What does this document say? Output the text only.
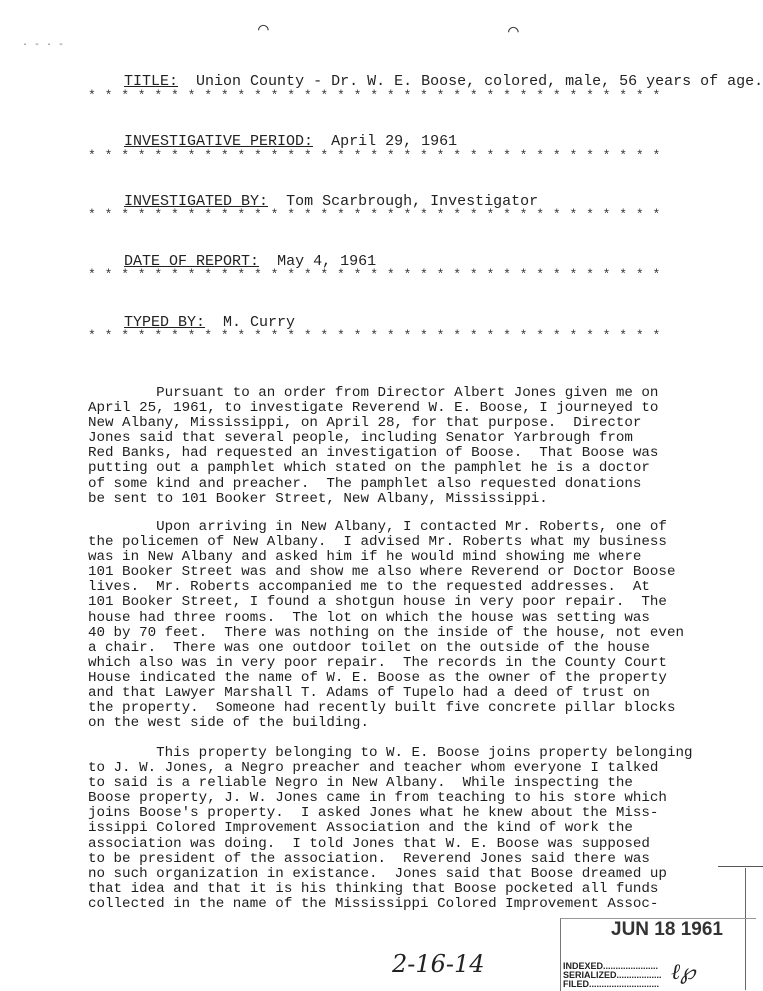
· - · -
⌒	⌒

TITLE: Union County - Dr. W. E. Boose, colored, male, 56 years of age.

* * * * * * * * * * * * * * * * * * * * * * * * * * * * * * * * * * *

INVESTIGATIVE PERIOD: April 29, 1961

* * * * * * * * * * * * * * * * * * * * * * * * * * * * * * * * * * *

INVESTIGATED BY: Tom Scarbrough, Investigator

* * * * * * * * * * * * * * * * * * * * * * * * * * * * * * * * * * *

DATE OF REPORT: May 4, 1961

* * * * * * * * * * * * * * * * * * * * * * * * * * * * * * * * * * *

TYPED BY: M. Curry

* * * * * * * * * * * * * * * * * * * * * * * * * * * * * * * * * * *
Pursuant to an order from Director Albert Jones given me on
April 25, 1961, to investigate Reverend W. E. Boose, I journeyed to
New Albany, Mississippi, on April 28, for that purpose.  Director
Jones said that several people, including Senator Yarbrough from
Red Banks, had requested an investigation of Boose.  That Boose was
putting out a pamphlet which stated on the pamphlet he is a doctor
of some kind and preacher.  The pamphlet also requested donations
be sent to 101 Booker Street, New Albany, Mississippi.
Upon arriving in New Albany, I contacted Mr. Roberts, one of
the policemen of New Albany.  I advised Mr. Roberts what my business
was in New Albany and asked him if he would mind showing me where
101 Booker Street was and show me also where Reverend or Doctor Boose
lives.  Mr. Roberts accompanied me to the requested addresses.  At
101 Booker Street, I found a shotgun house in very poor repair.  The
house had three rooms.  The lot on which the house was setting was
40 by 70 feet.  There was nothing on the inside of the house, not even
a chair.  There was one outdoor toilet on the outside of the house
which also was in very poor repair.  The records in the County Court
House indicated the name of W. E. Boose as the owner of the property
and that Lawyer Marshall T. Adams of Tupelo had a deed of trust on
the property.  Someone had recently built five concrete pillar blocks
on the west side of the building.
This property belonging to W. E. Boose joins property belonging
to J. W. Jones, a Negro preacher and teacher whom everyone I talked
to said is a reliable Negro in New Albany.  While inspecting the
Boose property, J. W. Jones came in from teaching to his store which
joins Boose's property.  I asked Jones what he knew about the Miss-
issippi Colored Improvement Association and the kind of work the
association was doing.  I told Jones that W. E. Boose was supposed
to be president of the association.  Reverend Jones said there was
no such organization in existance.  Jones said that Boose dreamed up
that idea and that it is his thinking that Boose pocketed all funds
collected in the name of the Mississippi Colored Improvement Assoc-
2-16-14
JUN 18 1961
INDEXED......................
SERIALIZED..................
FILED............................ ℓ℘
